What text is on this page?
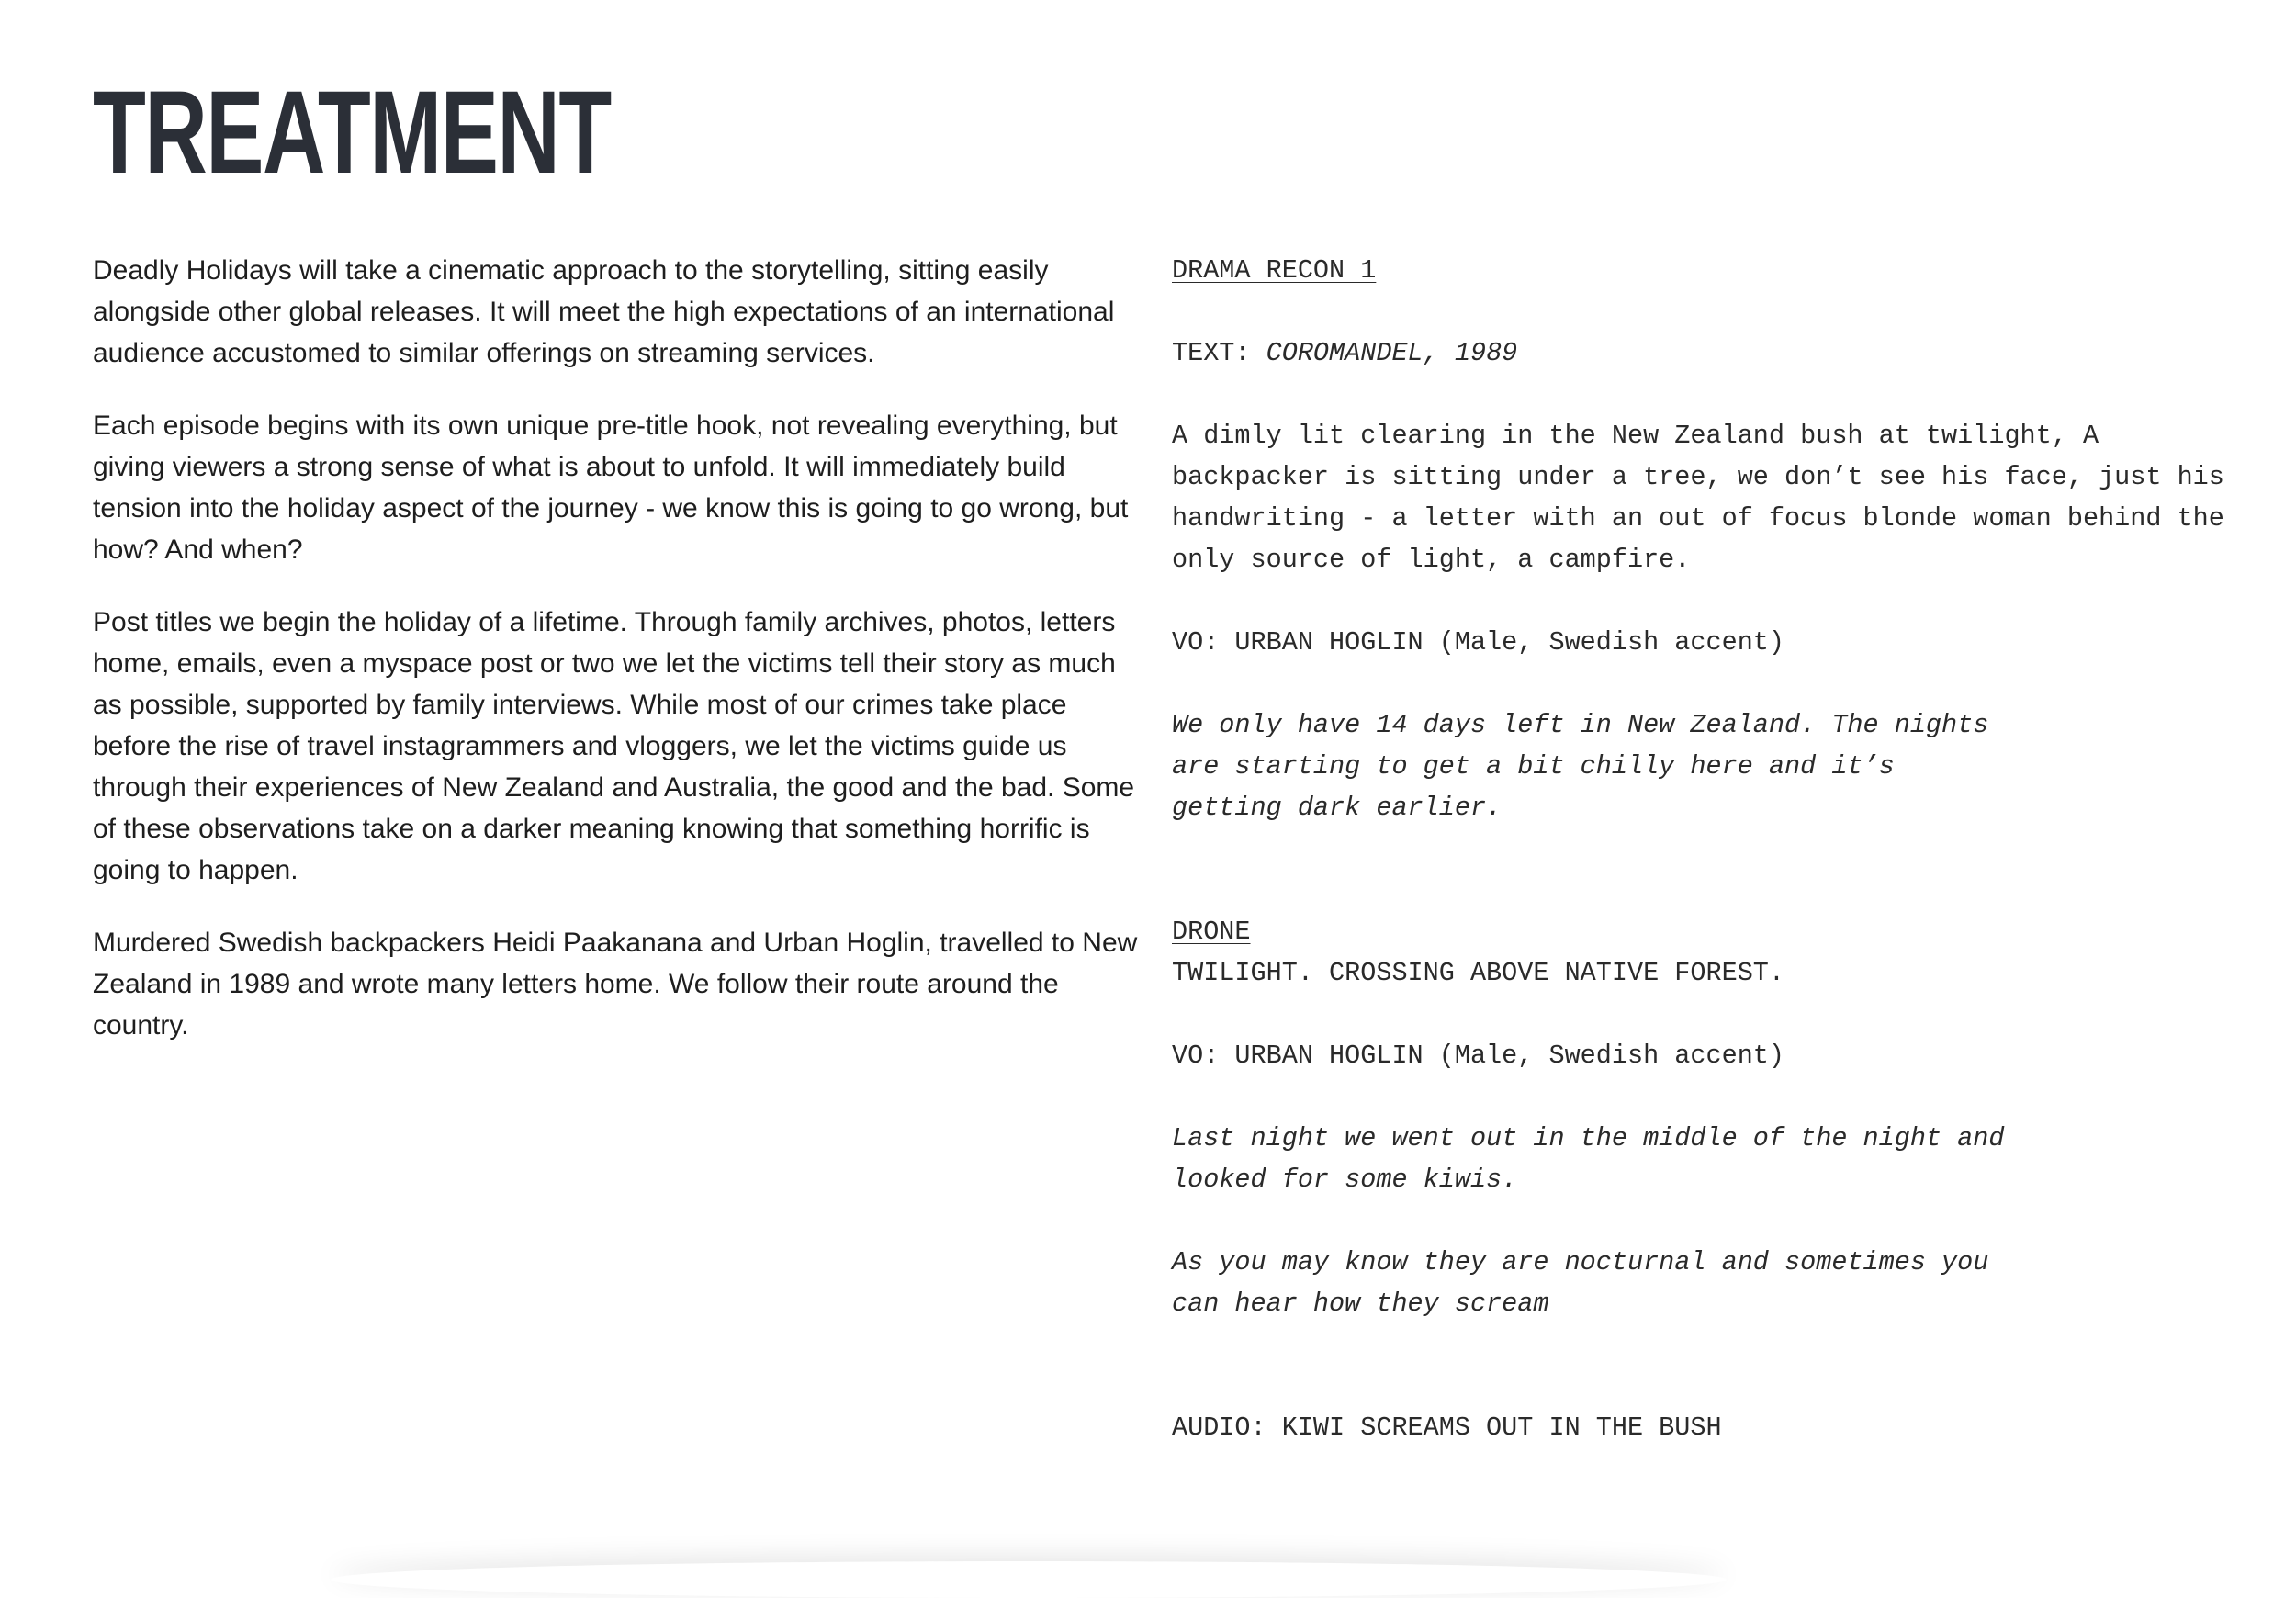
TREATMENT

Deadly Holidays will take a cinematic approach to the storytelling, sitting easily alongside other global releases. It will meet the high expectations of an international audience accustomed to similar offerings on streaming services.

Each episode begins with its own unique pre-title hook, not revealing everything, but giving viewers a strong sense of what is about to unfold. It will immediately build tension into the holiday aspect of the journey - we know this is going to go wrong, but how? And when?

Post titles we begin the holiday of a lifetime. Through family archives, photos, letters home, emails, even a myspace post or two we let the victims tell their story as much as possible, supported by family interviews. While most of our crimes take place before the rise of travel instagrammers and vloggers, we let the victims guide us through their experiences of New Zealand and Australia, the good and the bad. Some of these observations take on a darker meaning knowing that something horrific is going to happen.

Murdered Swedish backpackers Heidi Paakanana and Urban Hoglin, travelled to New Zealand in 1989 and wrote many letters home. We follow their route around the country.

DRAMA RECON 1
TEXT: COROMANDEL, 1989
A dimly lit clearing in the New Zealand bush at twilight, A backpacker is sitting under a tree, we don’t see his face, just his handwriting - a letter with an out of focus blonde woman behind the only source of light, a campfire.
VO: URBAN HOGLIN (Male, Swedish accent)
We only have 14 days left in New Zealand. The nights are starting to get a bit chilly here and it’s getting dark earlier.
DRONE
TWILIGHT. CROSSING ABOVE NATIVE FOREST.
VO: URBAN HOGLIN (Male, Swedish accent)
Last night we went out in the middle of the night and looked for some kiwis.
As you may know they are nocturnal and sometimes you can hear how they scream
AUDIO: KIWI SCREAMS OUT IN THE BUSH
